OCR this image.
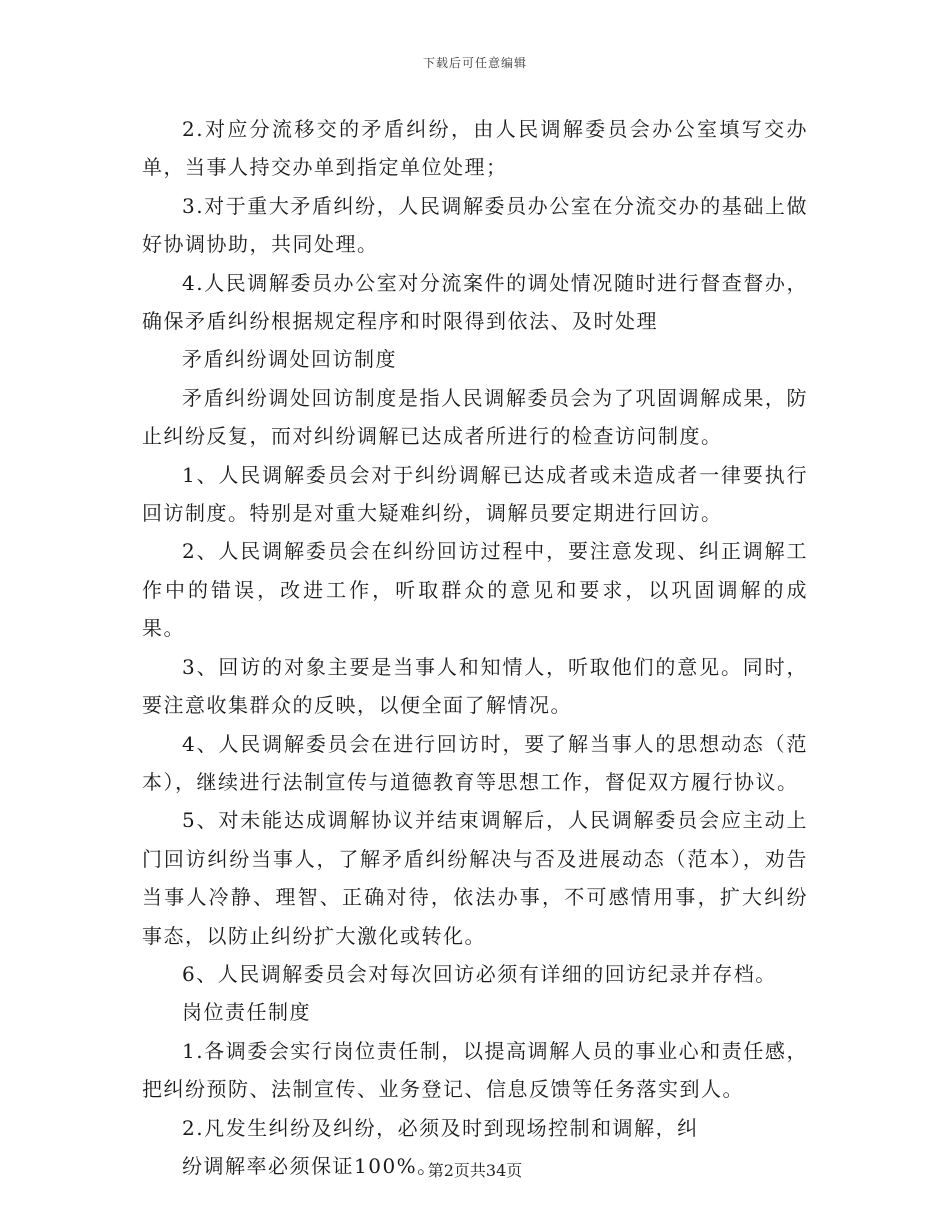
下载后可任意编辑

2.对应分流移交的矛盾纠纷，由人民调解委员会办公室填写交办单，当事人持交办单到指定单位处理；

3.对于重大矛盾纠纷，人民调解委员办公室在分流交办的基础上做好协调协助，共同处理。

4.人民调解委员办公室对分流案件的调处情况随时进行督查督办，确保矛盾纠纷根据规定程序和时限得到依法、及时处理

矛盾纠纷调处回访制度

矛盾纠纷调处回访制度是指人民调解委员会为了巩固调解成果，防止纠纷反复，而对纠纷调解已达成者所进行的检查访问制度。

1、人民调解委员会对于纠纷调解已达成者或未造成者一律要执行回访制度。特别是对重大疑难纠纷，调解员要定期进行回访。

2、人民调解委员会在纠纷回访过程中，要注意发现、纠正调解工作中的错误，改进工作，听取群众的意见和要求，以巩固调解的成果。

3、回访的对象主要是当事人和知情人，听取他们的意见。同时，要注意收集群众的反映，以便全面了解情况。

4、人民调解委员会在进行回访时，要了解当事人的思想动态（范本），继续进行法制宣传与道德教育等思想工作，督促双方履行协议。

5、对未能达成调解协议并结束调解后，人民调解委员会应主动上门回访纠纷当事人，了解矛盾纠纷解决与否及进展动态（范本），劝告当事人冷静、理智、正确对待，依法办事，不可感情用事，扩大纠纷事态，以防止纠纷扩大激化或转化。

6、人民调解委员会对每次回访必须有详细的回访纪录并存档。

岗位责任制度

1.各调委会实行岗位责任制，以提高调解人员的事业心和责任感，把纠纷预防、法制宣传、业务登记、信息反馈等任务落实到人。

2.凡发生纠纷及纠纷，必须及时到现场控制和调解，纠

纷调解率必须保证100%。

第2页共34页
